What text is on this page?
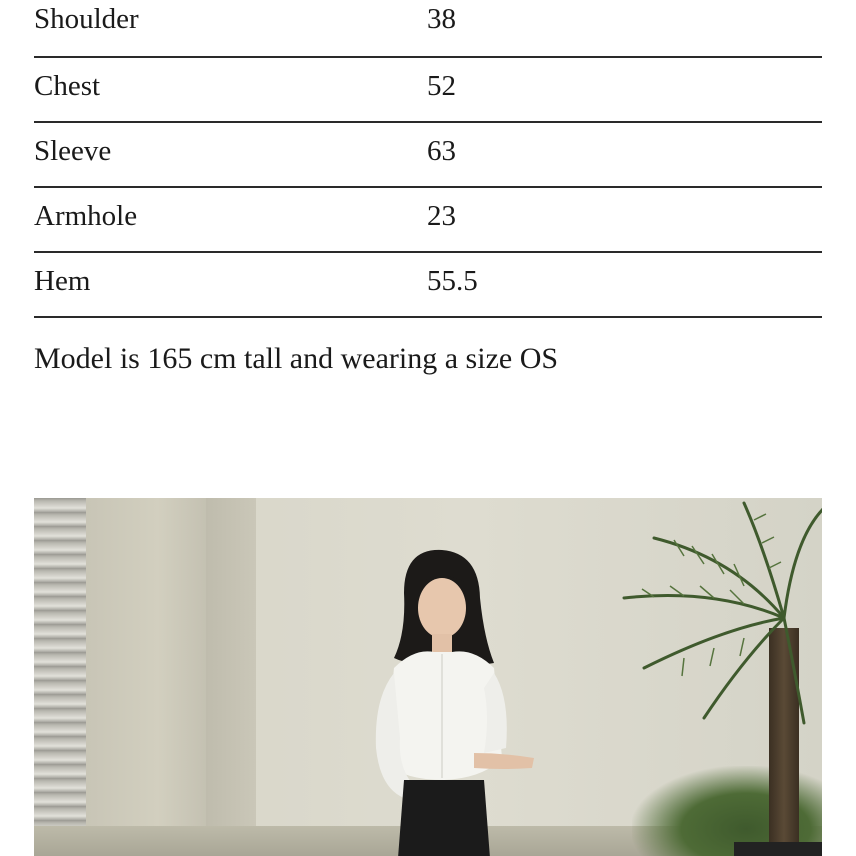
Shoulder	38
Chest	52
Sleeve	63
Armhole	23
Hem	55.5

Model is 165 cm tall and wearing a size OS
